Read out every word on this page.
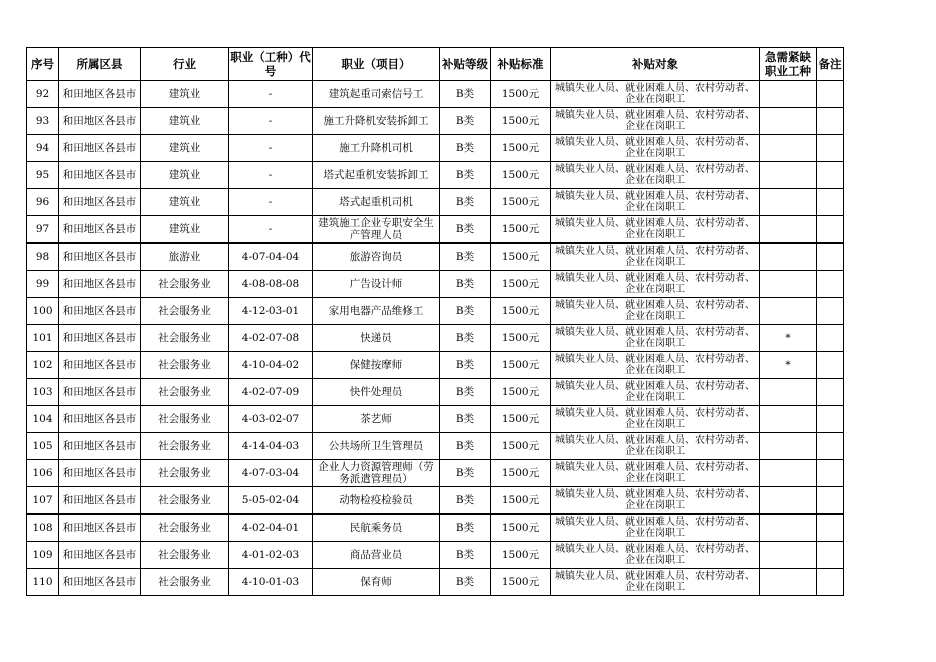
序号	所属区县	行业	职业（工种）代号	职业（项目）	补贴等级	补贴标准	补贴对象	急需紧缺职业工种	备注
92	和田地区各县市	建筑业	-	建筑起重司索信号工	B类	1500元	城镇失业人员、就业困难人员、农村劳动者、企业在岗职工		
93	和田地区各县市	建筑业	-	施工升降机安装拆卸工	B类	1500元	城镇失业人员、就业困难人员、农村劳动者、企业在岗职工		
94	和田地区各县市	建筑业	-	施工升降机司机	B类	1500元	城镇失业人员、就业困难人员、农村劳动者、企业在岗职工		
95	和田地区各县市	建筑业	-	塔式起重机安装拆卸工	B类	1500元	城镇失业人员、就业困难人员、农村劳动者、企业在岗职工		
96	和田地区各县市	建筑业	-	塔式起重机司机	B类	1500元	城镇失业人员、就业困难人员、农村劳动者、企业在岗职工		
97	和田地区各县市	建筑业	-	建筑施工企业专职安全生产管理人员	B类	1500元	城镇失业人员、就业困难人员、农村劳动者、企业在岗职工		
98	和田地区各县市	旅游业	4-07-04-04	旅游咨询员	B类	1500元	城镇失业人员、就业困难人员、农村劳动者、企业在岗职工		
99	和田地区各县市	社会服务业	4-08-08-08	广告设计师	B类	1500元	城镇失业人员、就业困难人员、农村劳动者、企业在岗职工		
100	和田地区各县市	社会服务业	4-12-03-01	家用电器产品维修工	B类	1500元	城镇失业人员、就业困难人员、农村劳动者、企业在岗职工		
101	和田地区各县市	社会服务业	4-02-07-08	快递员	B类	1500元	城镇失业人员、就业困难人员、农村劳动者、企业在岗职工	*	
102	和田地区各县市	社会服务业	4-10-04-02	保健按摩师	B类	1500元	城镇失业人员、就业困难人员、农村劳动者、企业在岗职工	*	
103	和田地区各县市	社会服务业	4-02-07-09	快件处理员	B类	1500元	城镇失业人员、就业困难人员、农村劳动者、企业在岗职工		
104	和田地区各县市	社会服务业	4-03-02-07	茶艺师	B类	1500元	城镇失业人员、就业困难人员、农村劳动者、企业在岗职工		
105	和田地区各县市	社会服务业	4-14-04-03	公共场所卫生管理员	B类	1500元	城镇失业人员、就业困难人员、农村劳动者、企业在岗职工		
106	和田地区各县市	社会服务业	4-07-03-04	企业人力资源管理师（劳务派遣管理员）	B类	1500元	城镇失业人员、就业困难人员、农村劳动者、企业在岗职工		
107	和田地区各县市	社会服务业	5-05-02-04	动物检疫检验员	B类	1500元	城镇失业人员、就业困难人员、农村劳动者、企业在岗职工		
108	和田地区各县市	社会服务业	4-02-04-01	民航乘务员	B类	1500元	城镇失业人员、就业困难人员、农村劳动者、企业在岗职工		
109	和田地区各县市	社会服务业	4-01-02-03	商品营业员	B类	1500元	城镇失业人员、就业困难人员、农村劳动者、企业在岗职工		
110	和田地区各县市	社会服务业	4-10-01-03	保育师	B类	1500元	城镇失业人员、就业困难人员、农村劳动者、企业在岗职工		
